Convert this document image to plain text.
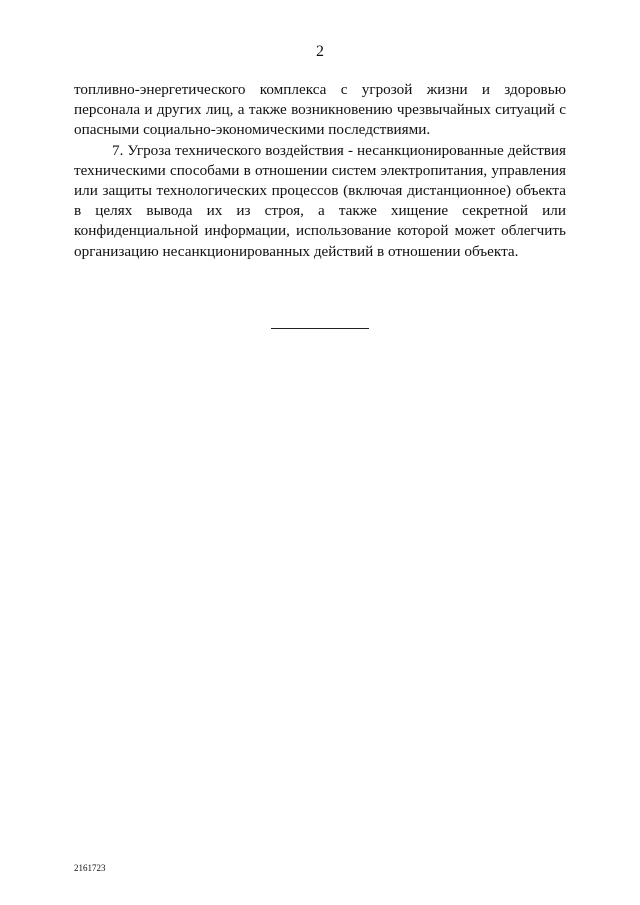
2

топливно-энергетического комплекса с угрозой жизни и здоровью персонала и других лиц, а также возникновению чрезвычайных ситуаций с опасными социально-экономическими последствиями.

7. Угроза технического воздействия - несанкционированные действия техническими способами в отношении систем электропитания, управления или защиты технологических процессов (включая дистанционное) объекта в целях вывода их из строя, а также хищение секретной или конфиденциальной информации, использование которой может облегчить организацию несанкционированных действий в отношении объекта.

2161723
